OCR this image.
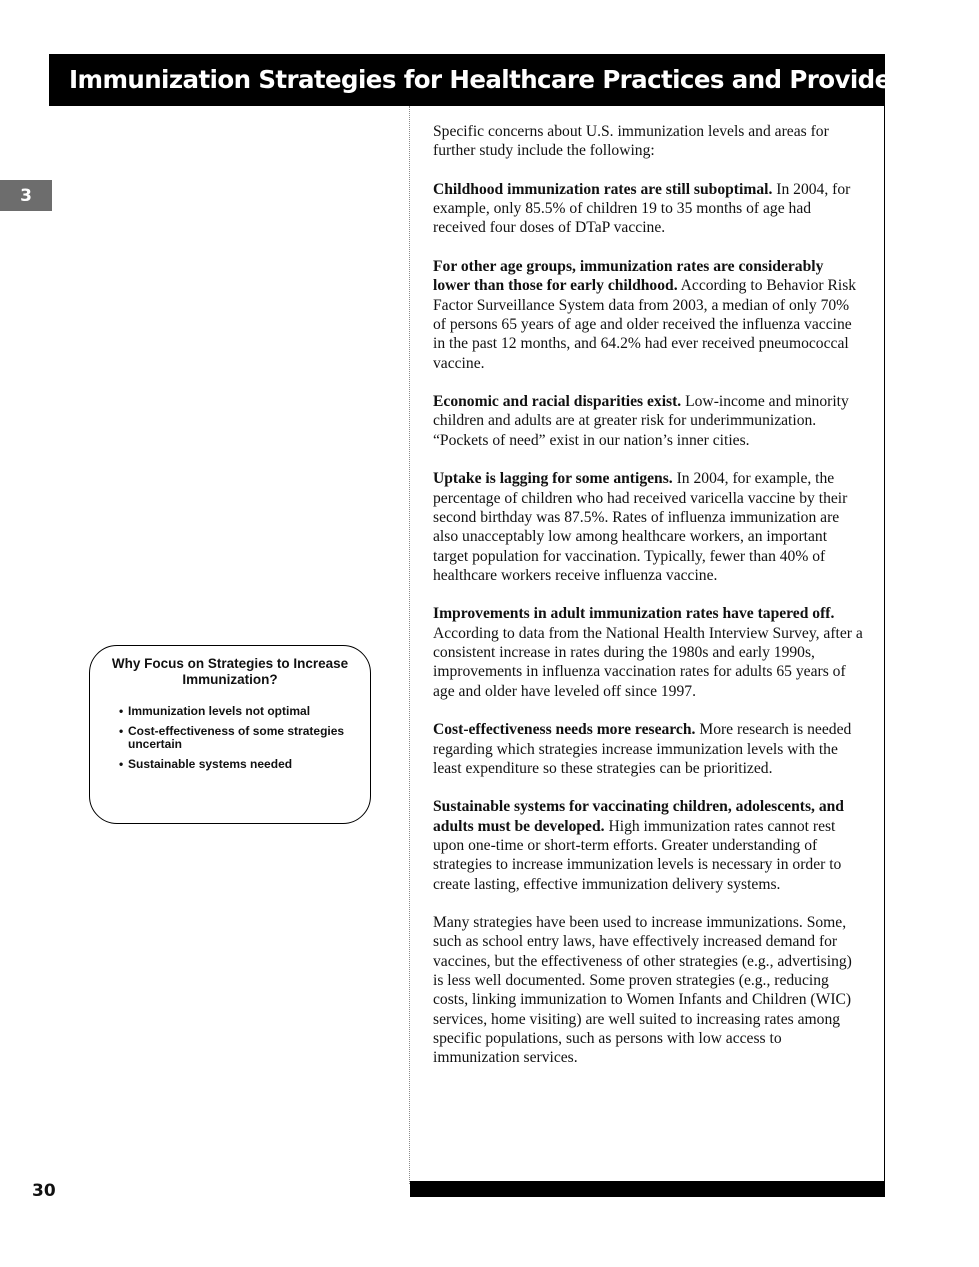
Immunization Strategies for Healthcare Practices and Providers
3
Why Focus on Strategies to Increase Immunization?
• Immunization levels not optimal
• Cost-effectiveness of some strategies uncertain
• Sustainable systems needed

Specific concerns about U.S. immunization levels and areas for further study include the following:

Childhood immunization rates are still suboptimal. In 2004, for example, only 85.5% of children 19 to 35 months of age had received four doses of DTaP vaccine.

For other age groups, immunization rates are considerably lower than those for early childhood. According to Behavior Risk Factor Surveillance System data from 2003, a median of only 70% of persons 65 years of age and older received the influenza vaccine in the past 12 months, and 64.2% had ever received pneumococcal vaccine.

Economic and racial disparities exist. Low-income and minority children and adults are at greater risk for underimmunization. “Pockets of need” exist in our nation’s inner cities.

Uptake is lagging for some antigens. In 2004, for example, the percentage of children who had received varicella vaccine by their second birthday was 87.5%. Rates of influenza immunization are also unacceptably low among healthcare workers, an important target population for vaccination. Typically, fewer than 40% of healthcare workers receive influenza vaccine.

Improvements in adult immunization rates have tapered off. According to data from the National Health Interview Survey, after a consistent increase in rates during the 1980s and early 1990s, improvements in influenza vaccination rates for adults 65 years of age and older have leveled off since 1997.

Cost-effectiveness needs more research. More research is needed regarding which strategies increase immunization levels with the least expenditure so these strategies can be prioritized.

Sustainable systems for vaccinating children, adolescents, and adults must be developed. High immunization rates cannot rest upon one-time or short-term efforts. Greater understanding of strategies to increase immunization levels is necessary in order to create lasting, effective immunization delivery systems.

Many strategies have been used to increase immunizations. Some, such as school entry laws, have effectively increased demand for vaccines, but the effectiveness of other strategies (e.g., advertising) is less well documented. Some proven strategies (e.g., reducing costs, linking immunization to Women Infants and Children (WIC) services, home visiting) are well suited to increasing rates among specific populations, such as persons with low access to immunization services.

30
